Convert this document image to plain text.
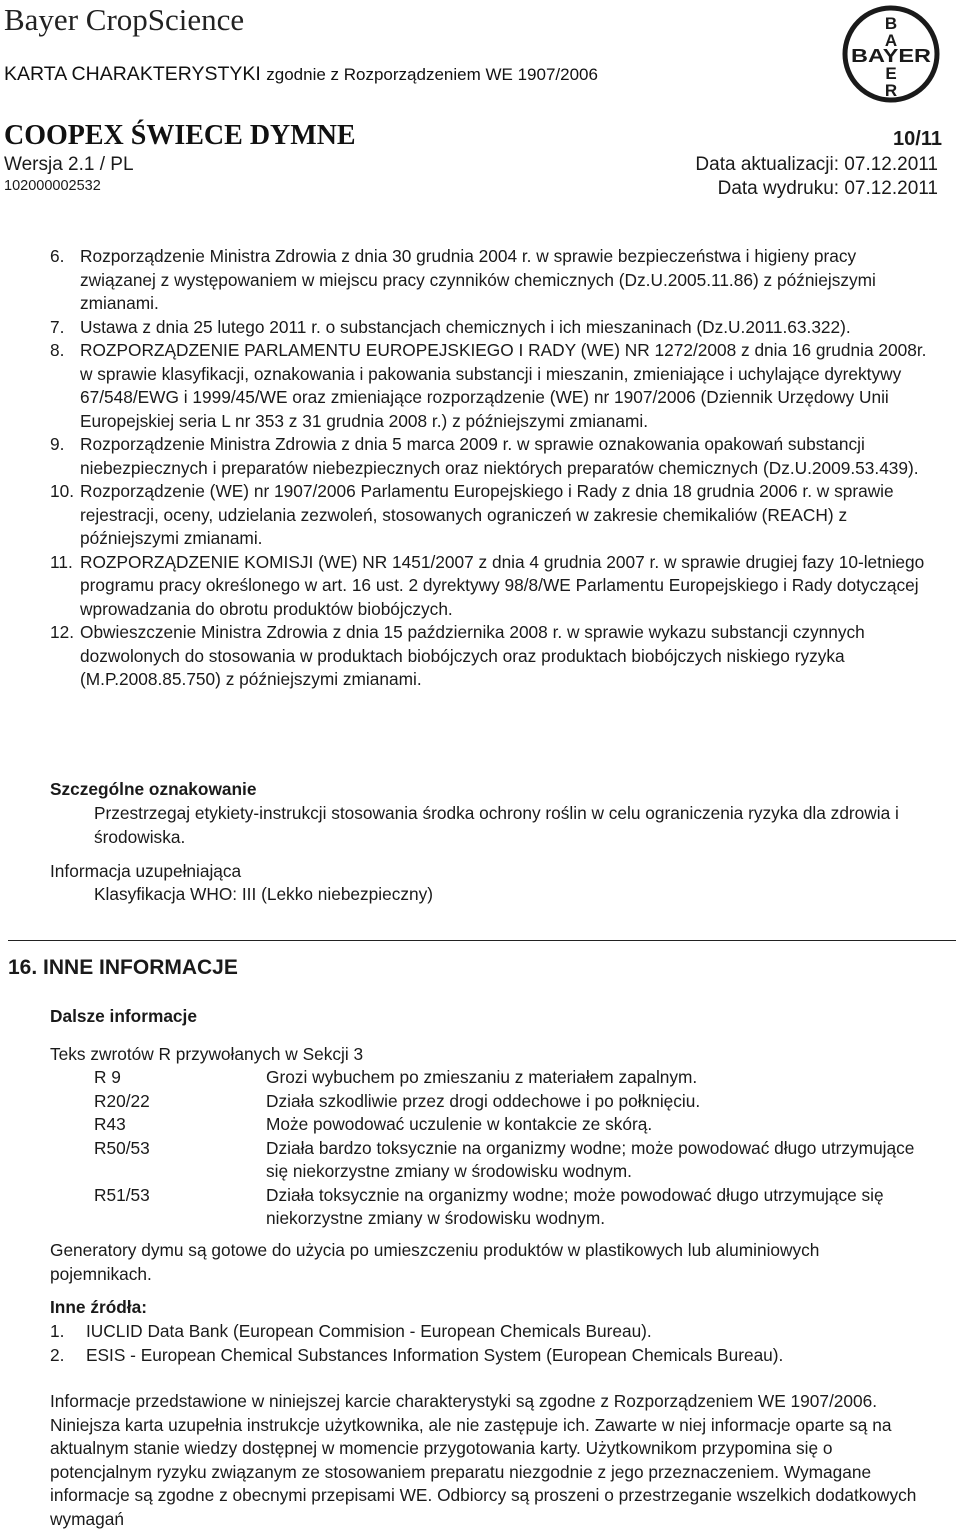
Bayer CropScience
KARTA CHARAKTERYSTYKI zgodnie z Rozporządzeniem WE 1907/2006
COOPEX ŚWIECE DYMNE
Wersja 2.1 / PL
102000002532
10/11
Data aktualizacji: 07.12.2011
Data wydruku: 07.12.2011
B
A
BAYER
E
R
6. Rozporządzenie Ministra Zdrowia z dnia 30 grudnia 2004 r. w sprawie bezpieczeństwa i higieny pracy związanej z występowaniem w miejscu pracy czynników chemicznych (Dz.U.2005.11.86) z późniejszymi zmianami.
7. Ustawa z dnia 25 lutego 2011 r. o substancjach chemicznych i ich mieszaninach (Dz.U.2011.63.322).
8. ROZPORZĄDZENIE PARLAMENTU EUROPEJSKIEGO I RADY (WE) NR 1272/2008 z dnia 16 grudnia 2008r. w sprawie klasyfikacji, oznakowania i pakowania substancji i mieszanin, zmieniające i uchylające dyrektywy 67/548/EWG i 1999/45/WE oraz zmieniające rozporządzenie (WE) nr 1907/2006 (Dziennik Urzędowy Unii Europejskiej seria L nr 353 z 31 grudnia 2008 r.) z późniejszymi zmianami.
9. Rozporządzenie Ministra Zdrowia z dnia 5 marca 2009 r. w sprawie oznakowania opakowań substancji niebezpiecznych i preparatów niebezpiecznych oraz niektórych preparatów chemicznych (Dz.U.2009.53.439).
10. Rozporządzenie (WE) nr 1907/2006 Parlamentu Europejskiego i Rady z dnia 18 grudnia 2006 r. w sprawie rejestracji, oceny, udzielania zezwoleń, stosowanych ograniczeń w zakresie chemikaliów (REACH) z późniejszymi zmianami.
11. ROZPORZĄDZENIE KOMISJI (WE) NR 1451/2007 z dnia 4 grudnia 2007 r. w sprawie drugiej fazy 10-letniego programu pracy określonego w art. 16 ust. 2 dyrektywy 98/8/WE Parlamentu Europejskiego i Rady dotyczącej wprowadzania do obrotu produktów biobójczych.
12. Obwieszczenie Ministra Zdrowia z dnia 15 października 2008 r. w sprawie wykazu substancji czynnych dozwolonych do stosowania w produktach biobójczych oraz produktach biobójczych niskiego ryzyka (M.P.2008.85.750) z późniejszymi zmianami.
Szczególne oznakowanie
Przestrzegaj etykiety-instrukcji stosowania środka ochrony roślin w celu ograniczenia ryzyka dla zdrowia i środowiska.
Informacja uzupełniająca
Klasyfikacja WHO: III (Lekko niebezpieczny)
16. INNE INFORMACJE
Dalsze informacje
Teks zwrotów R przywołanych w Sekcji 3
R 9	Grozi wybuchem po zmieszaniu z materiałem zapalnym.
R20/22	Działa szkodliwie przez drogi oddechowe i po połknięciu.
R43	Może powodować uczulenie w kontakcie ze skórą.
R50/53	Działa bardzo toksycznie na organizmy wodne; może powodować długo utrzymujące się niekorzystne zmiany w środowisku wodnym.
R51/53	Działa toksycznie na organizmy wodne; może powodować długo utrzymujące się niekorzystne zmiany w środowisku wodnym.
Generatory dymu są gotowe do użycia po umieszczeniu produktów w plastikowych lub aluminiowych pojemnikach.
Inne źródła:
1. IUCLID Data Bank (European Commision - European Chemicals Bureau).
2. ESIS - European Chemical Substances Information System (European Chemicals Bureau).
Informacje przedstawione w niniejszej karcie charakterystyki są zgodne z Rozporządzeniem WE 1907/2006. Niniejsza karta uzupełnia instrukcje użytkownika, ale nie zastępuje ich. Zawarte w niej informacje oparte są na aktualnym stanie wiedzy dostępnej w momencie przygotowania karty. Użytkownikom przypomina się o potencjalnym ryzyku związanym ze stosowaniem preparatu niezgodnie z jego przeznaczeniem. Wymagane informacje są zgodne z obecnymi przepisami WE. Odbiorcy są proszeni o przestrzeganie wszelkich dodatkowych wymagań
